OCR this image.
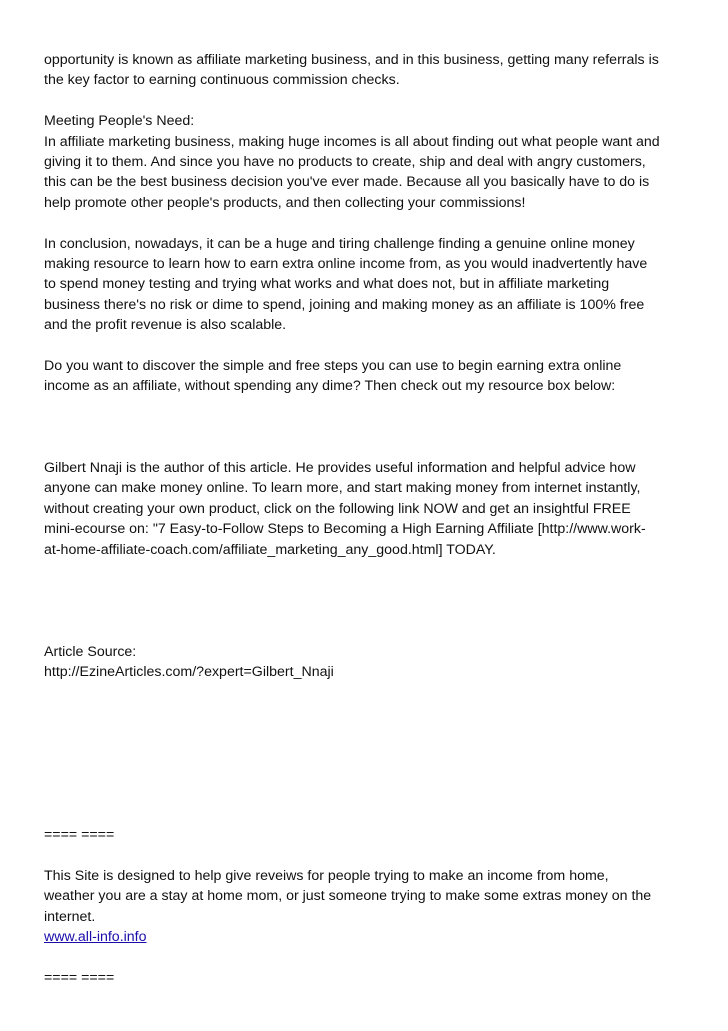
opportunity is known as affiliate marketing business, and in this business, getting many referrals is
the key factor to earning continuous commission checks.

Meeting People's Need:
In affiliate marketing business, making huge incomes is all about finding out what people want and
giving it to them. And since you have no products to create, ship and deal with angry customers,
this can be the best business decision you've ever made. Because all you basically have to do is
help promote other people's products, and then collecting your commissions!

In conclusion, nowadays, it can be a huge and tiring challenge finding a genuine online money
making resource to learn how to earn extra online income from, as you would inadvertently have
to spend money testing and trying what works and what does not, but in affiliate marketing
business there's no risk or dime to spend, joining and making money as an affiliate is 100% free
and the profit revenue is also scalable.

Do you want to discover the simple and free steps you can use to begin earning extra online
income as an affiliate, without spending any dime? Then check out my resource box below:

Gilbert Nnaji is the author of this article. He provides useful information and helpful advice how
anyone can make money online. To learn more, and start making money from internet instantly,
without creating your own product, click on the following link NOW and get an insightful FREE
mini-ecourse on: "7 Easy-to-Follow Steps to Becoming a High Earning Affiliate [http://www.work-
at-home-affiliate-coach.com/affiliate_marketing_any_good.html] TODAY.

Article Source:
http://EzineArticles.com/?expert=Gilbert_Nnaji

==== ====

This Site is designed to help give reveiws for people trying to make an income from home,
weather you are a stay at home mom, or just someone trying to make some extras money on the
internet.
www.all-info.info

==== ====
